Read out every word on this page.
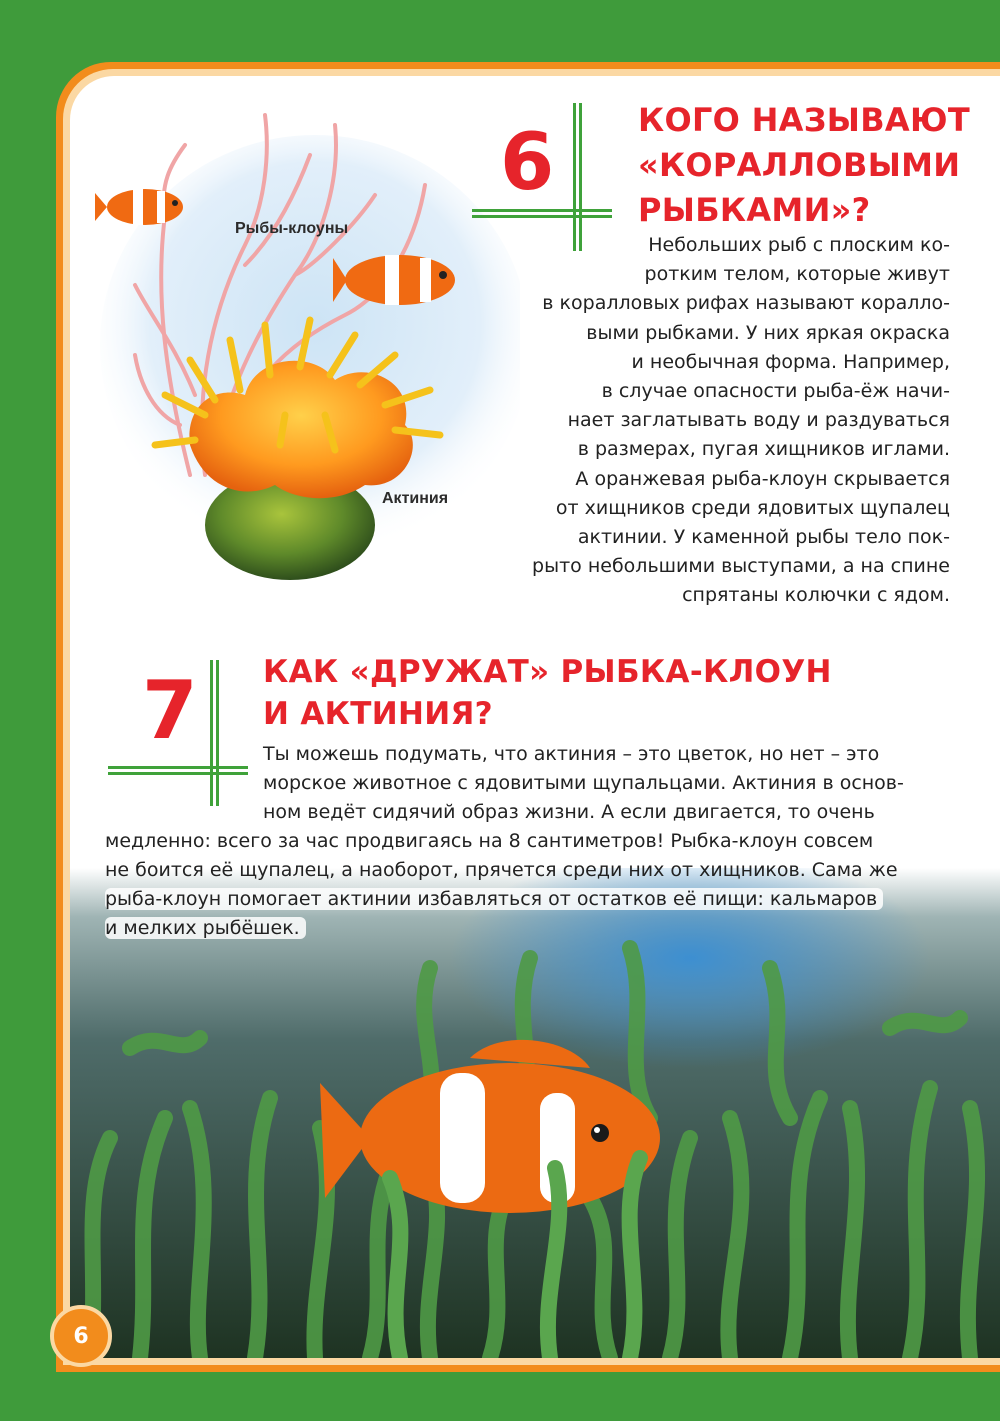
Рыбы-клоуны
Актиния
6	КОГО НАЗЫВАЮТ
«КОРАЛЛОВЫМИ
РЫБКАМИ»?
Небольших рыб с плоским ко-
ротким телом, которые живут
в коралловых рифах называют коралло-
выми рыбками. У них яркая окраска
и необычная форма. Например,
в случае опасности рыба-ёж начи-
нает заглатывать воду и раздуваться
в размерах, пугая хищников иглами.
А оранжевая рыба-клоун скрывается
от хищников среди ядовитых щупалец
актинии. У каменной рыбы тело пок-
рыто небольшими выступами, а на спине
спрятаны колючки с ядом.
7 КАК «ДРУЖАТ» РЫБКА-КЛОУН
И АКТИНИЯ?
Ты можешь подумать, что актиния – это цветок, но нет – это
морское животное с ядовитыми щупальцами. Актиния в основ-
ном ведёт сидячий образ жизни. А если двигается, то очень
медленно: всего за час продвигаясь на 8 сантиметров! Рыбка-клоун совсем
не боится её щупалец, а наоборот, прячется среди них от хищников. Сама же
рыба-клоун помогает актинии избавляться от остатков её пищи: кальмаров
и мелких рыбёшек.
6
